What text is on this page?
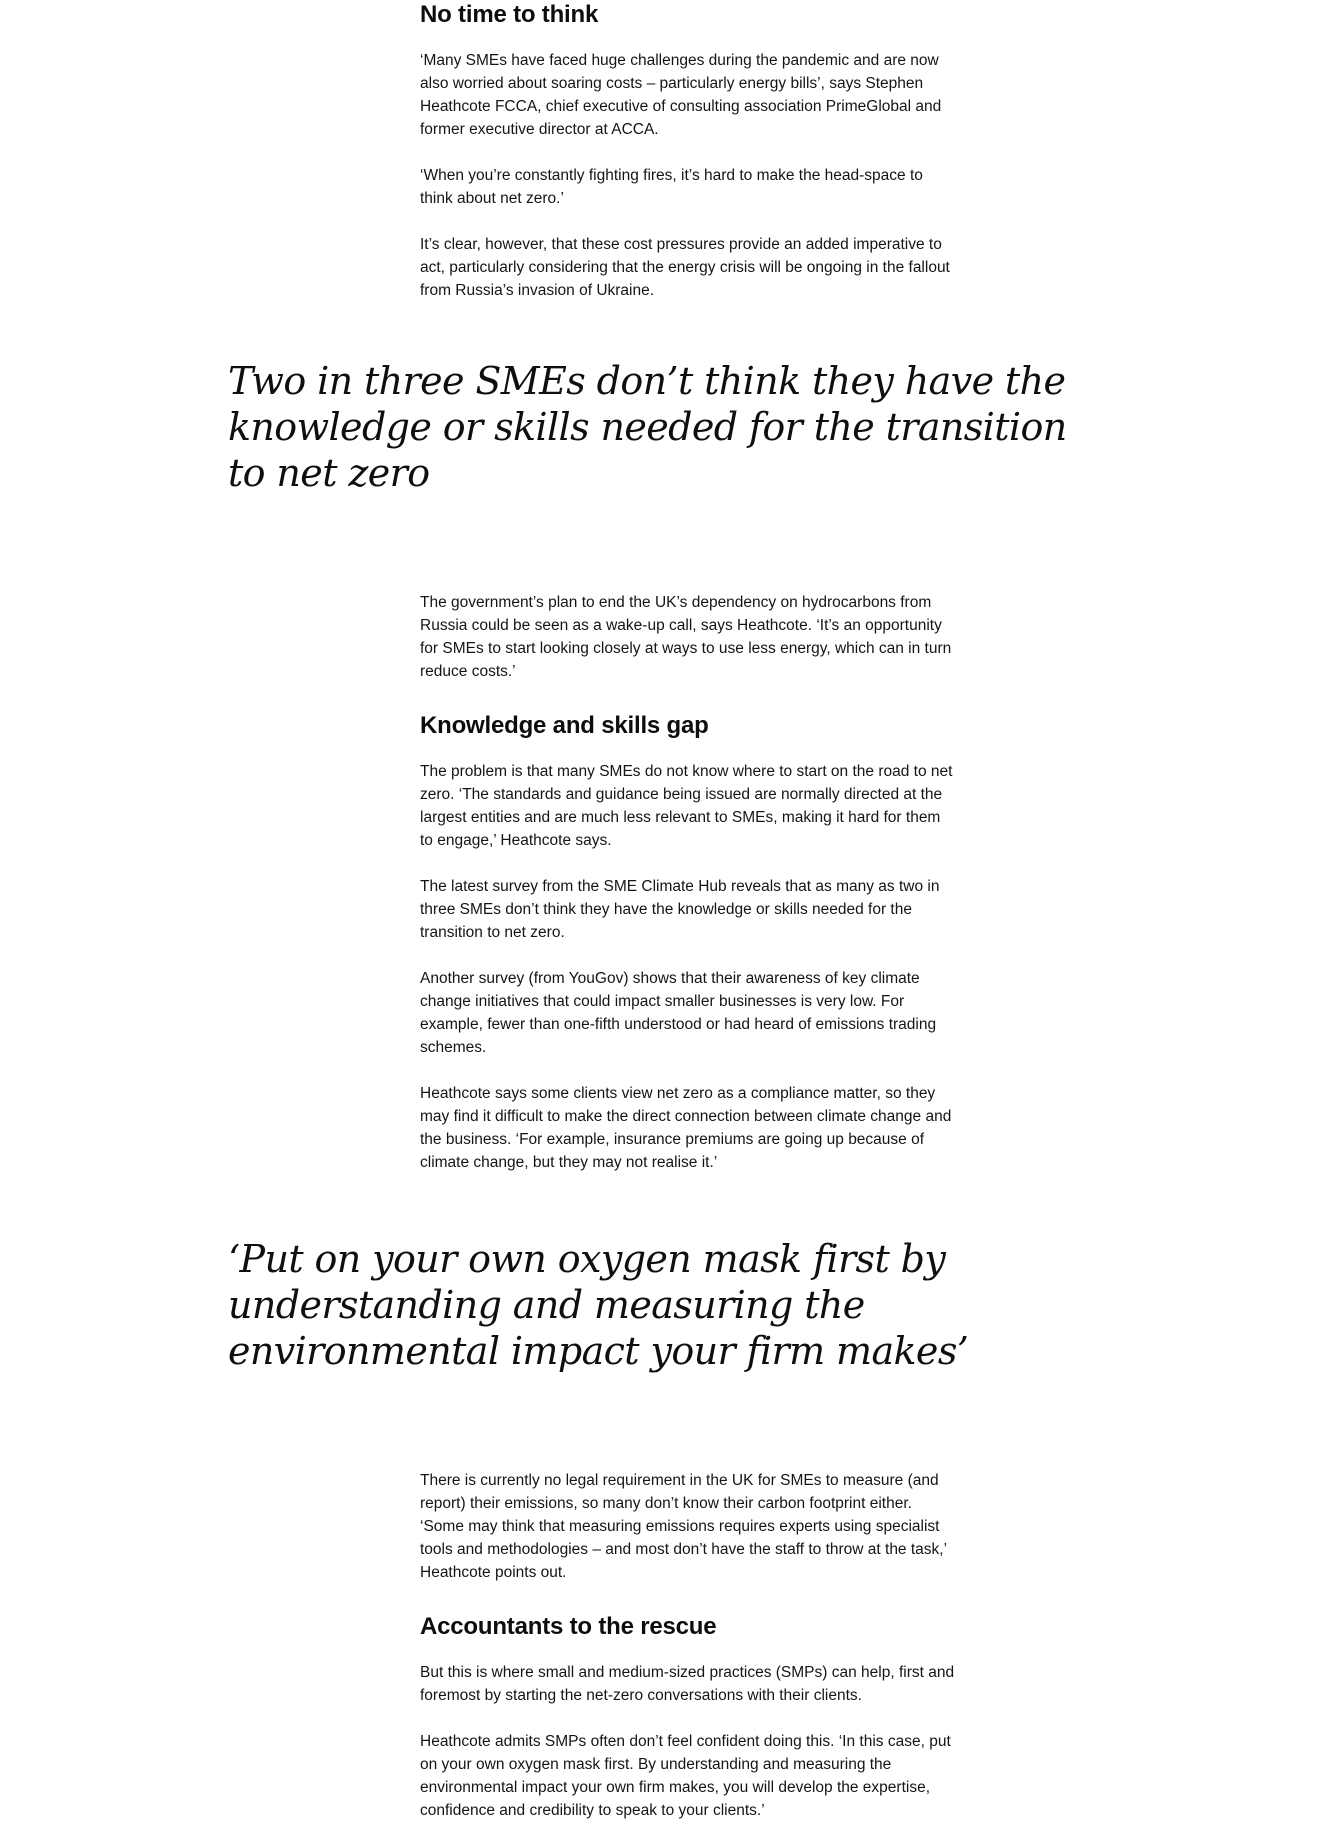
No time to think

‘Many SMEs have faced huge challenges during the pandemic and are now also worried about soaring costs – particularly energy bills’, says Stephen Heathcote FCCA, chief executive of consulting association PrimeGlobal and former executive director at ACCA.

‘When you’re constantly fighting fires, it’s hard to make the head-space to think about net zero.’

It’s clear, however, that these cost pressures provide an added imperative to act, particularly considering that the energy crisis will be ongoing in the fallout from Russia’s invasion of Ukraine.

Two in three SMEs don’t think they have the knowledge or skills needed for the transition to net zero

The government’s plan to end the UK’s dependency on hydrocarbons from Russia could be seen as a wake-up call, says Heathcote. ‘It’s an opportunity for SMEs to start looking closely at ways to use less energy, which can in turn reduce costs.’

Knowledge and skills gap

The problem is that many SMEs do not know where to start on the road to net zero. ‘The standards and guidance being issued are normally directed at the largest entities and are much less relevant to SMEs, making it hard for them to engage,’ Heathcote says.

The latest survey from the SME Climate Hub reveals that as many as two in three SMEs don’t think they have the knowledge or skills needed for the transition to net zero.

Another survey (from YouGov) shows that their awareness of key climate change initiatives that could impact smaller businesses is very low. For example, fewer than one-fifth understood or had heard of emissions trading schemes.

Heathcote says some clients view net zero as a compliance matter, so they may find it difficult to make the direct connection between climate change and the business. ‘For example, insurance premiums are going up because of climate change, but they may not realise it.’

‘Put on your own oxygen mask first by understanding and measuring the environmental impact your firm makes’

There is currently no legal requirement in the UK for SMEs to measure (and report) their emissions, so many don’t know their carbon footprint either. ‘Some may think that measuring emissions requires experts using specialist tools and methodologies – and most don’t have the staff to throw at the task,’ Heathcote points out.

Accountants to the rescue

But this is where small and medium-sized practices (SMPs) can help, first and foremost by starting the net-zero conversations with their clients.

Heathcote admits SMPs often don’t feel confident doing this. ‘In this case, put on your own oxygen mask first. By understanding and measuring the environmental impact your own firm makes, you will develop the expertise, confidence and credibility to speak to your clients.’
